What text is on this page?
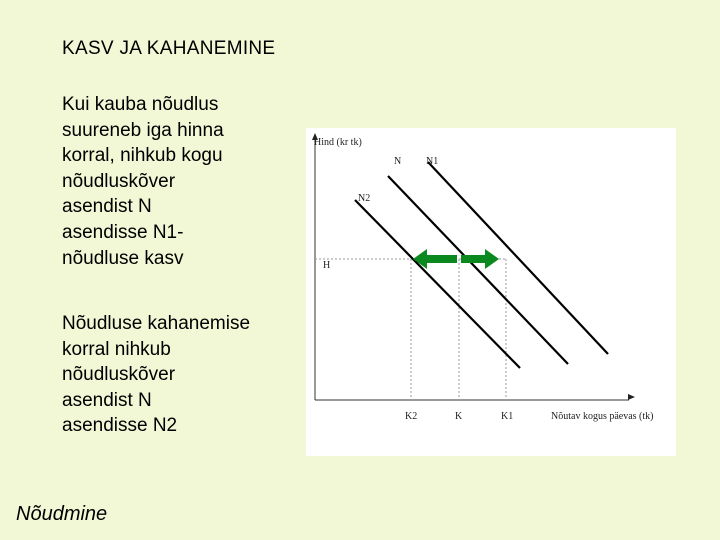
KASV JA KAHANEMINE
Kui kauba nõudlus
suureneb iga hinna
korral, nihkub kogu
nõudluskõver
asendist N
asendisse N1-
nõudluse kasv
Nõudluse kahanemise
korral nihkub
nõudluskõver
asendist N
asendisse N2
Nõudmine
Hind (kr tk)
N N1
N2
H
K2	K	K1	Nõutav kogus päevas (tk)
